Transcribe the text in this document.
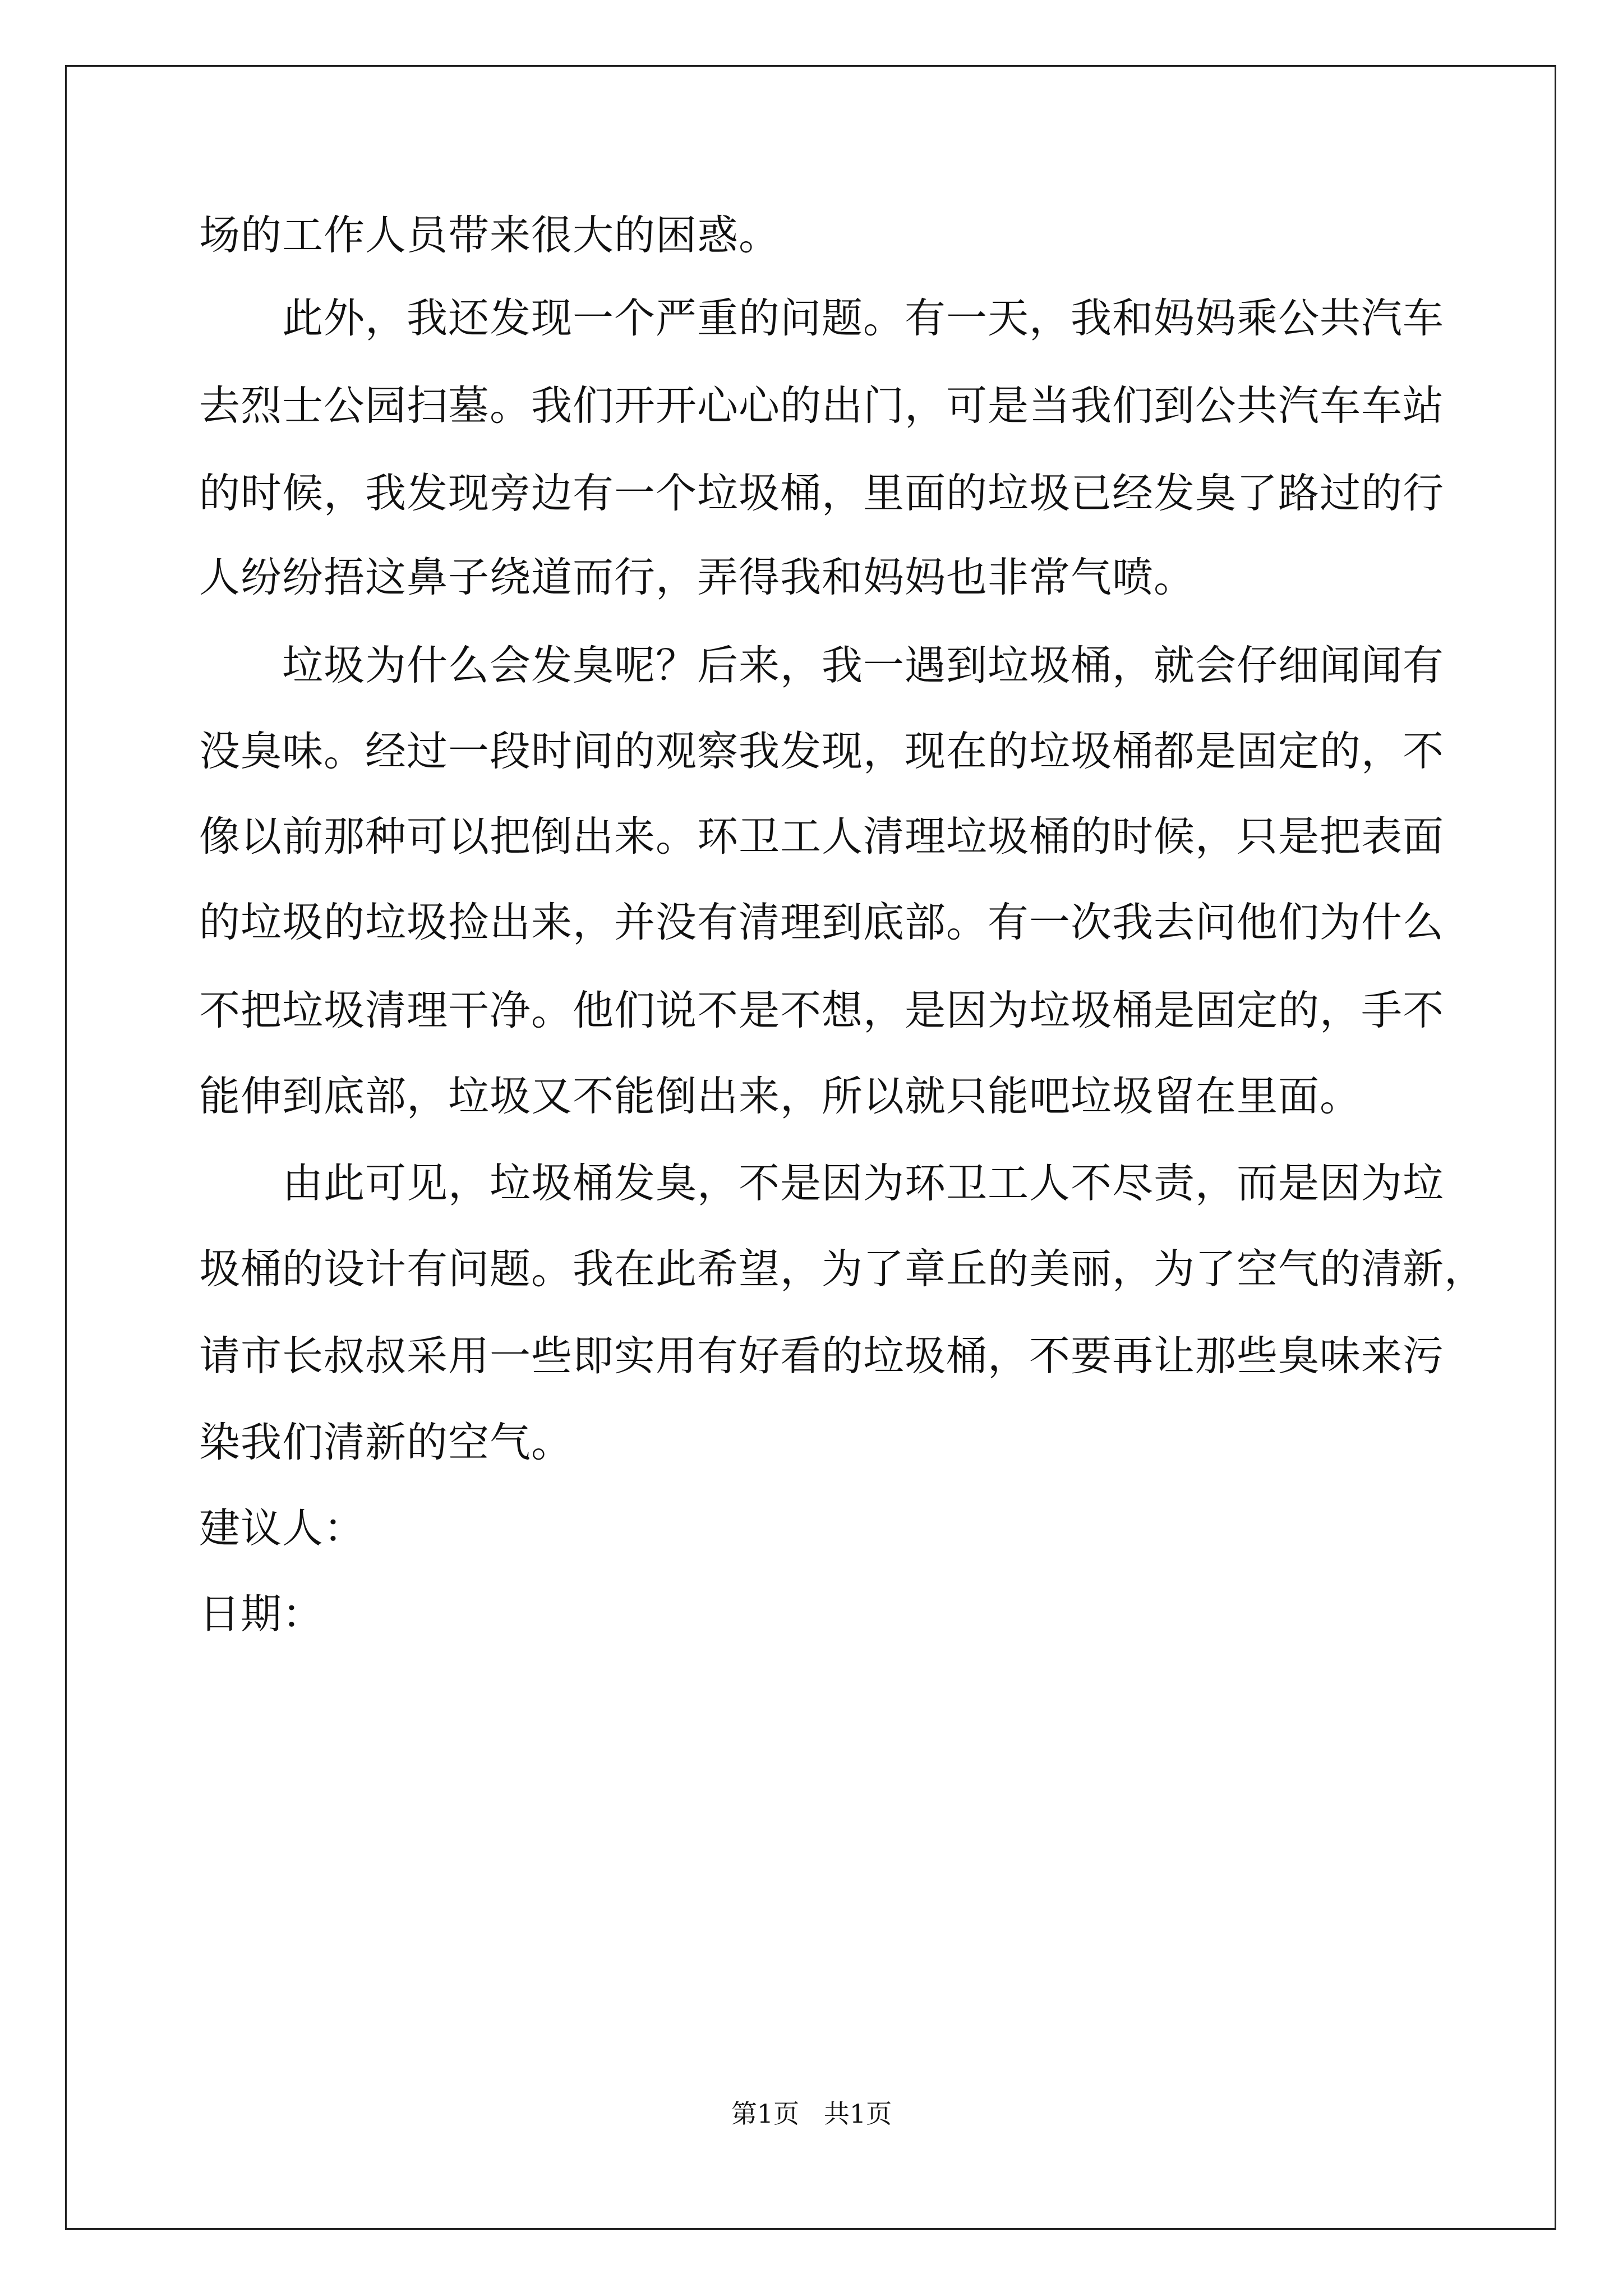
场的工作人员带来很大的困惑。
　　此外，我还发现一个严重的问题。有一天，我和妈妈乘公共汽车
去烈士公园扫墓。我们开开心心的出门，可是当我们到公共汽车车站
的时候，我发现旁边有一个垃圾桶，里面的垃圾已经发臭了路过的行
人纷纷捂这鼻子绕道而行，弄得我和妈妈也非常气喷。
　　垃圾为什么会发臭呢？后来，我一遇到垃圾桶，就会仔细闻闻有
没臭味。经过一段时间的观察我发现，现在的垃圾桶都是固定的，不
像以前那种可以把倒出来。环卫工人清理垃圾桶的时候，只是把表面
的垃圾的垃圾捡出来，并没有清理到底部。有一次我去问他们为什么
不把垃圾清理干净。他们说不是不想，是因为垃圾桶是固定的，手不
能伸到底部，垃圾又不能倒出来，所以就只能吧垃圾留在里面。
　　由此可见，垃圾桶发臭，不是因为环卫工人不尽责，而是因为垃
圾桶的设计有问题。我在此希望，为了章丘的美丽，为了空气的清新，
请市长叔叔采用一些即实用有好看的垃圾桶，不要再让那些臭味来污
染我们清新的空气。
建议人：
日期：
第1页   共1页
